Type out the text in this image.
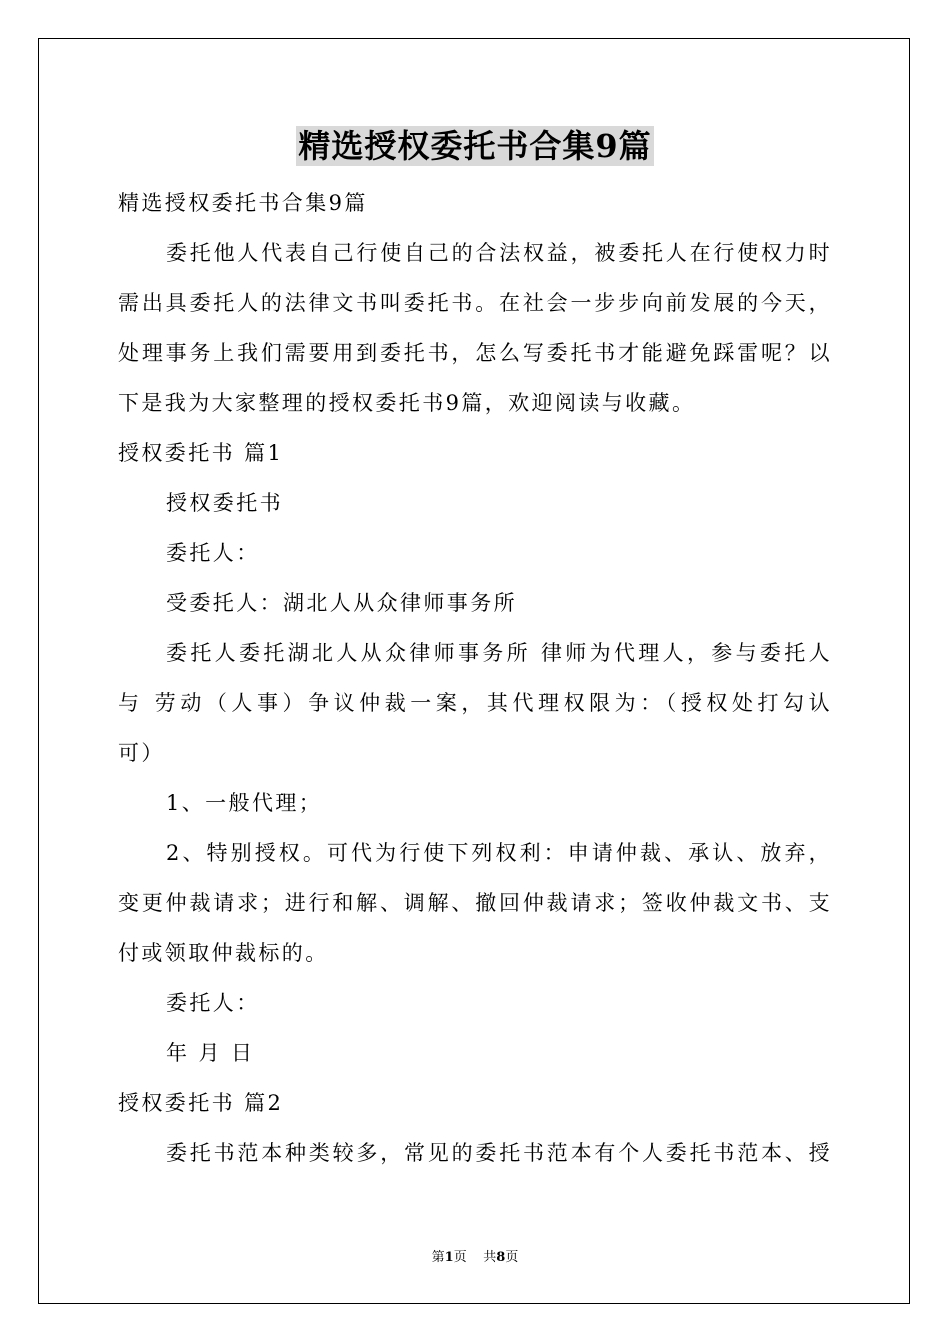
精选授权委托书合集9篇
精选授权委托书合集9篇
委托他人代表自己行使自己的合法权益，被委托人在行使权力时
需出具委托人的法律文书叫委托书。在社会一步步向前发展的今天，
处理事务上我们需要用到委托书，怎么写委托书才能避免踩雷呢？以
下是我为大家整理的授权委托书9篇，欢迎阅读与收藏。
授权委托书 篇1
授权委托书
委托人：
受委托人：湖北人从众律师事务所
委托人委托湖北人从众律师事务所 律师为代理人，参与委托人
与 劳动（人事）争议仲裁一案，其代理权限为：（授权处打勾认
可）
1、一般代理；
2、特别授权。可代为行使下列权利：申请仲裁、承认、放弃，
变更仲裁请求；进行和解、调解、撤回仲裁请求；签收仲裁文书、支
付或领取仲裁标的。
委托人：
年 月 日
授权委托书 篇2
委托书范本种类较多，常见的委托书范本有个人委托书范本、授
第1页 共8页
